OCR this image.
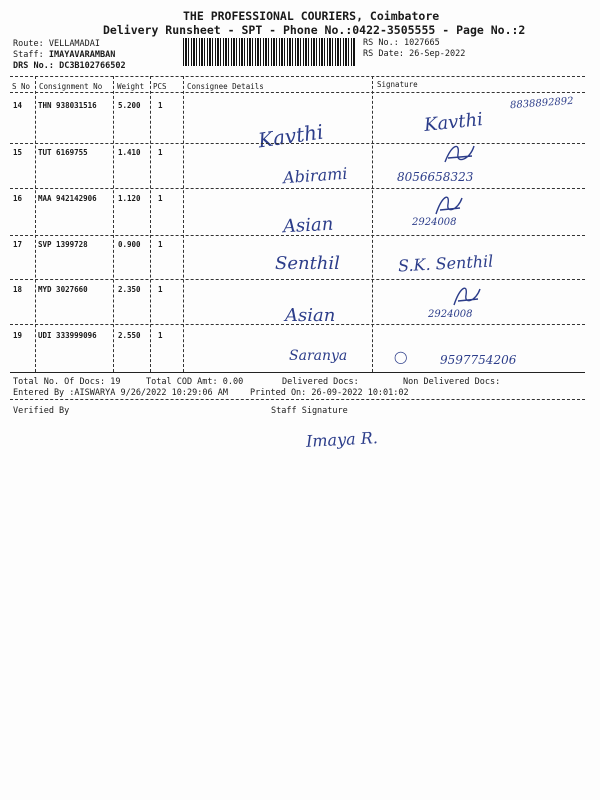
THE PROFESSIONAL COURIERS, Coimbatore
Delivery Runsheet - SPT - Phone No.:0422-3505555 - Page No.:2
Route: VELLAMADAI
Staff: IMAYAVARAMBAN
DRS No.: DC3B102766502
RS No.: 1027665
RS Date: 26-Sep-2022
S No Consignment No Weight PCS	Consignee Details	Signature
14 THN 938031516	5.200 1
Kavthi	Kavthi
8838892892
15 TUT 6169755	1.410 1
Abirami	8056658323
16 MAA 942142906	1.120 1
Asian	2924008
17 SVP 1399728	0.900 1
Senthil	S.K. Senthil
18 MYD 3027660	2.350 1
Asian	2924008
19 UDI 333999096	2.550 1
Saranya	◯	9597754206
Total No. Of Docs: 19	Total COD Amt: 0.00	Delivered Docs:	Non Delivered Docs:
Entered By :AISWARYA 9/26/2022 10:29:06 AM	Printed On: 26-09-2022 10:01:02
Verified By	Staff Signature
Imaya R.
